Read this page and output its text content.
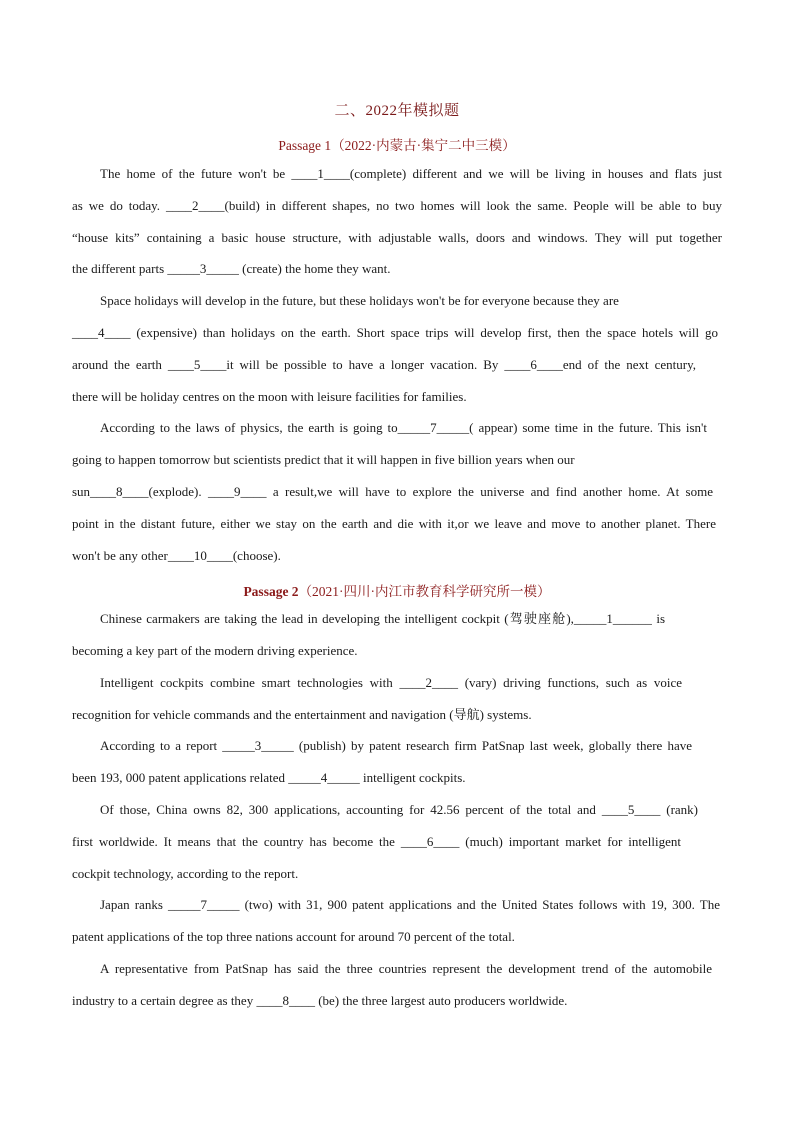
二、2022年模拟题
Passage 1（2022·内蒙古·集宁二中三模）
The home of the future won't be ____1____(complete) different and we will be living in houses and flats just
as we do today. ____2____(build) in different shapes, no two homes will look the same. People will be able to buy
“house kits” containing a basic house structure, with adjustable walls, doors and windows. They will put together
the different parts _____3_____ (create) the home they want.
Space holidays will develop in the future, but these holidays won't be for everyone because they are
____4____ (expensive) than holidays on the earth. Short space trips will develop first, then the space hotels will go
around the earth ____5____it will be possible to have a longer vacation. By ____6____end of the next century,
there will be holiday centres on the moon with leisure facilities for families.
According to the laws of physics, the earth is going to_____7_____( appear) some time in the future. This isn't
going to happen tomorrow but scientists predict that it will happen in five billion years when our
sun____8____(explode). ____9____ a result,we will have to explore the universe and find another home. At some
point in the distant future, either we stay on the earth and die with it,or we leave and move to another planet. There
won't be any other____10____(choose).
Passage 2（2021·四川·内江市教育科学研究所一模）
Chinese carmakers are taking the lead in developing the intelligent cockpit (驾驶座舱),_____1______ is
becoming a key part of the modern driving experience.
Intelligent cockpits combine smart technologies with ____2____ (vary) driving functions, such as voice
recognition for vehicle commands and the entertainment and navigation (导航) systems.
According to a report _____3_____ (publish) by patent research firm PatSnap last week, globally there have
been 193, 000 patent applications related _____4_____ intelligent cockpits.
Of those, China owns 82, 300 applications, accounting for 42.56 percent of the total and ____5____ (rank)
first worldwide. It means that the country has become the ____6____ (much) important market for intelligent
cockpit technology, according to the report.
Japan ranks _____7_____ (two) with 31, 900 patent applications and the United States follows with 19, 300. The
patent applications of the top three nations account for around 70 percent of the total.
A representative from PatSnap has said the three countries represent the development trend of the automobile
industry to a certain degree as they ____8____ (be) the three largest auto producers worldwide.
